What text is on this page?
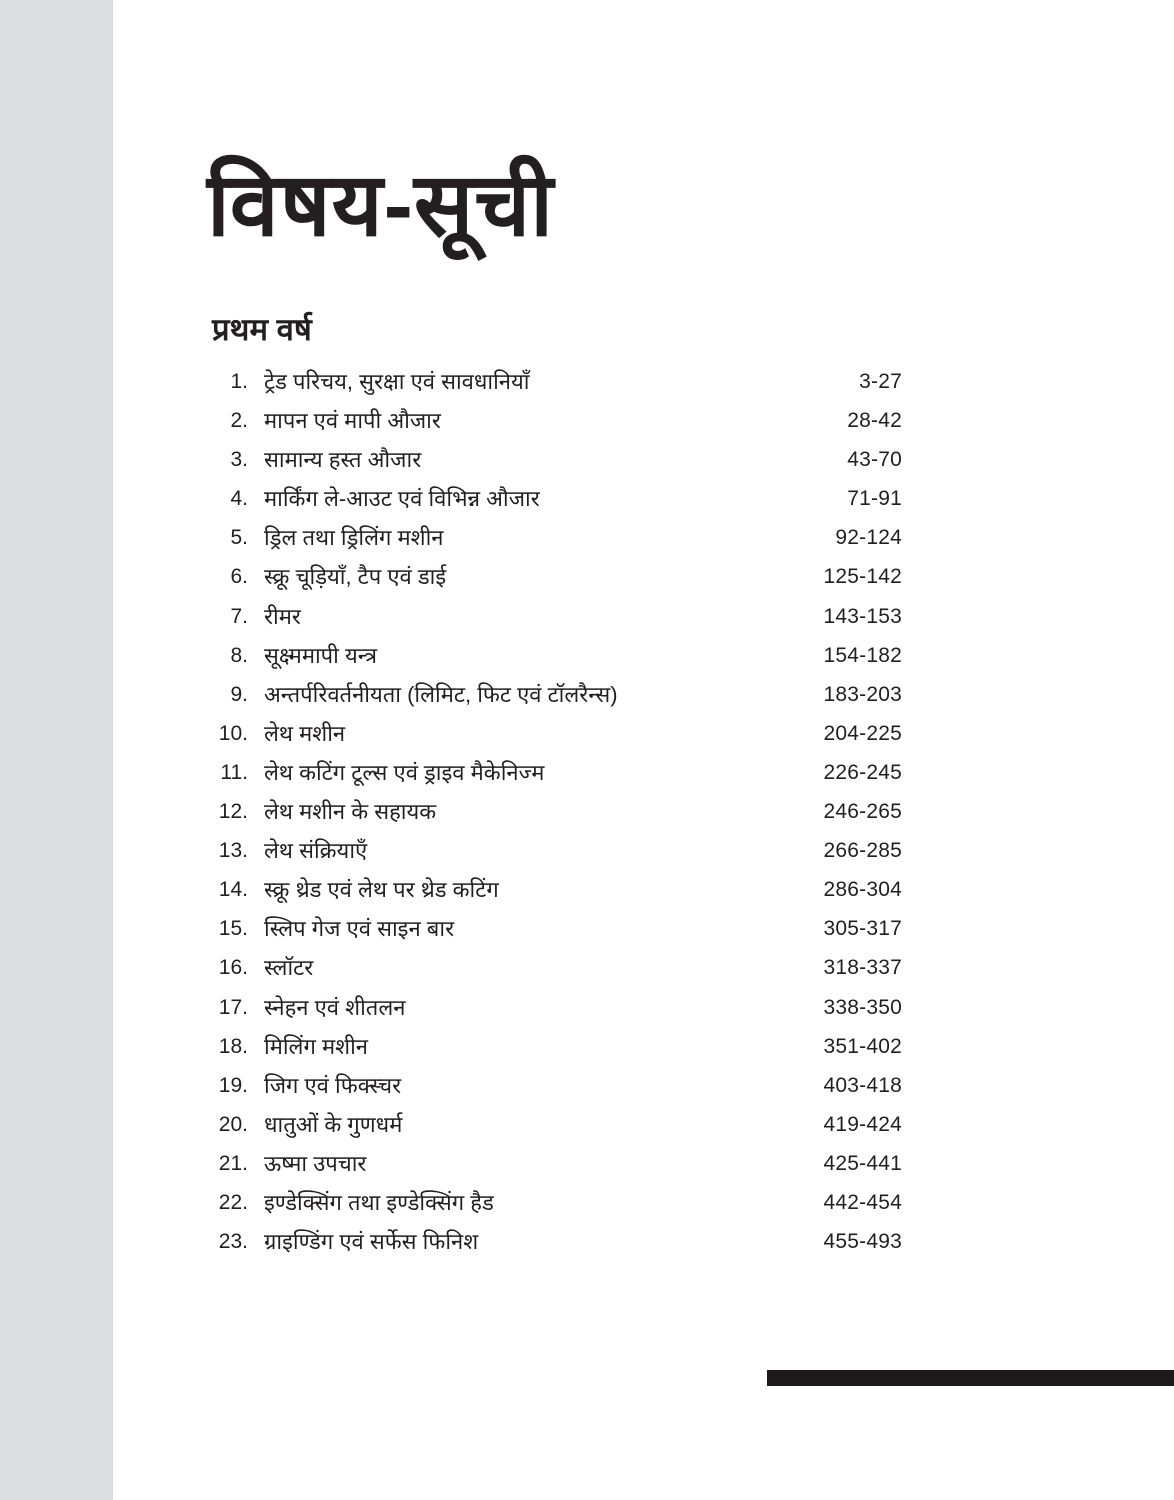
विषय-सूची
प्रथम वर्ष
1. ट्रेड परिचय, सुरक्षा एवं सावधानियाँ	3-27
2. मापन एवं मापी औजार	28-42
3. सामान्य हस्त औजार	43-70
4. मार्किंग ले-आउट एवं विभिन्न औजार	71-91
5. ड्रिल तथा ड्रिलिंग मशीन	92-124
6. स्क्रू चूड़ियाँ, टैप एवं डाई	125-142
7. रीमर	143-153
8. सूक्ष्ममापी यन्त्र	154-182
9. अन्तर्परिवर्तनीयता (लिमिट, फिट एवं टॉलरैन्स)	183-203
10. लेथ मशीन	204-225
11. लेथ कटिंग टूल्स एवं ड्राइव मैकेनिज्म	226-245
12. लेथ मशीन के सहायक	246-265
13. लेथ संक्रियाएँ	266-285
14. स्क्रू थ्रेड एवं लेथ पर थ्रेड कटिंग	286-304
15. स्लिप गेज एवं साइन बार	305-317
16. स्लॉटर	318-337
17. स्नेहन एवं शीतलन	338-350
18. मिलिंग मशीन	351-402
19. जिग एवं फिक्स्चर	403-418
20. धातुओं के गुणधर्म	419-424
21. ऊष्मा उपचार	425-441
22. इण्डेक्सिंग तथा इण्डेक्सिंग हैड	442-454
23. ग्राइण्डिंग एवं सर्फेस फिनिश	455-493
